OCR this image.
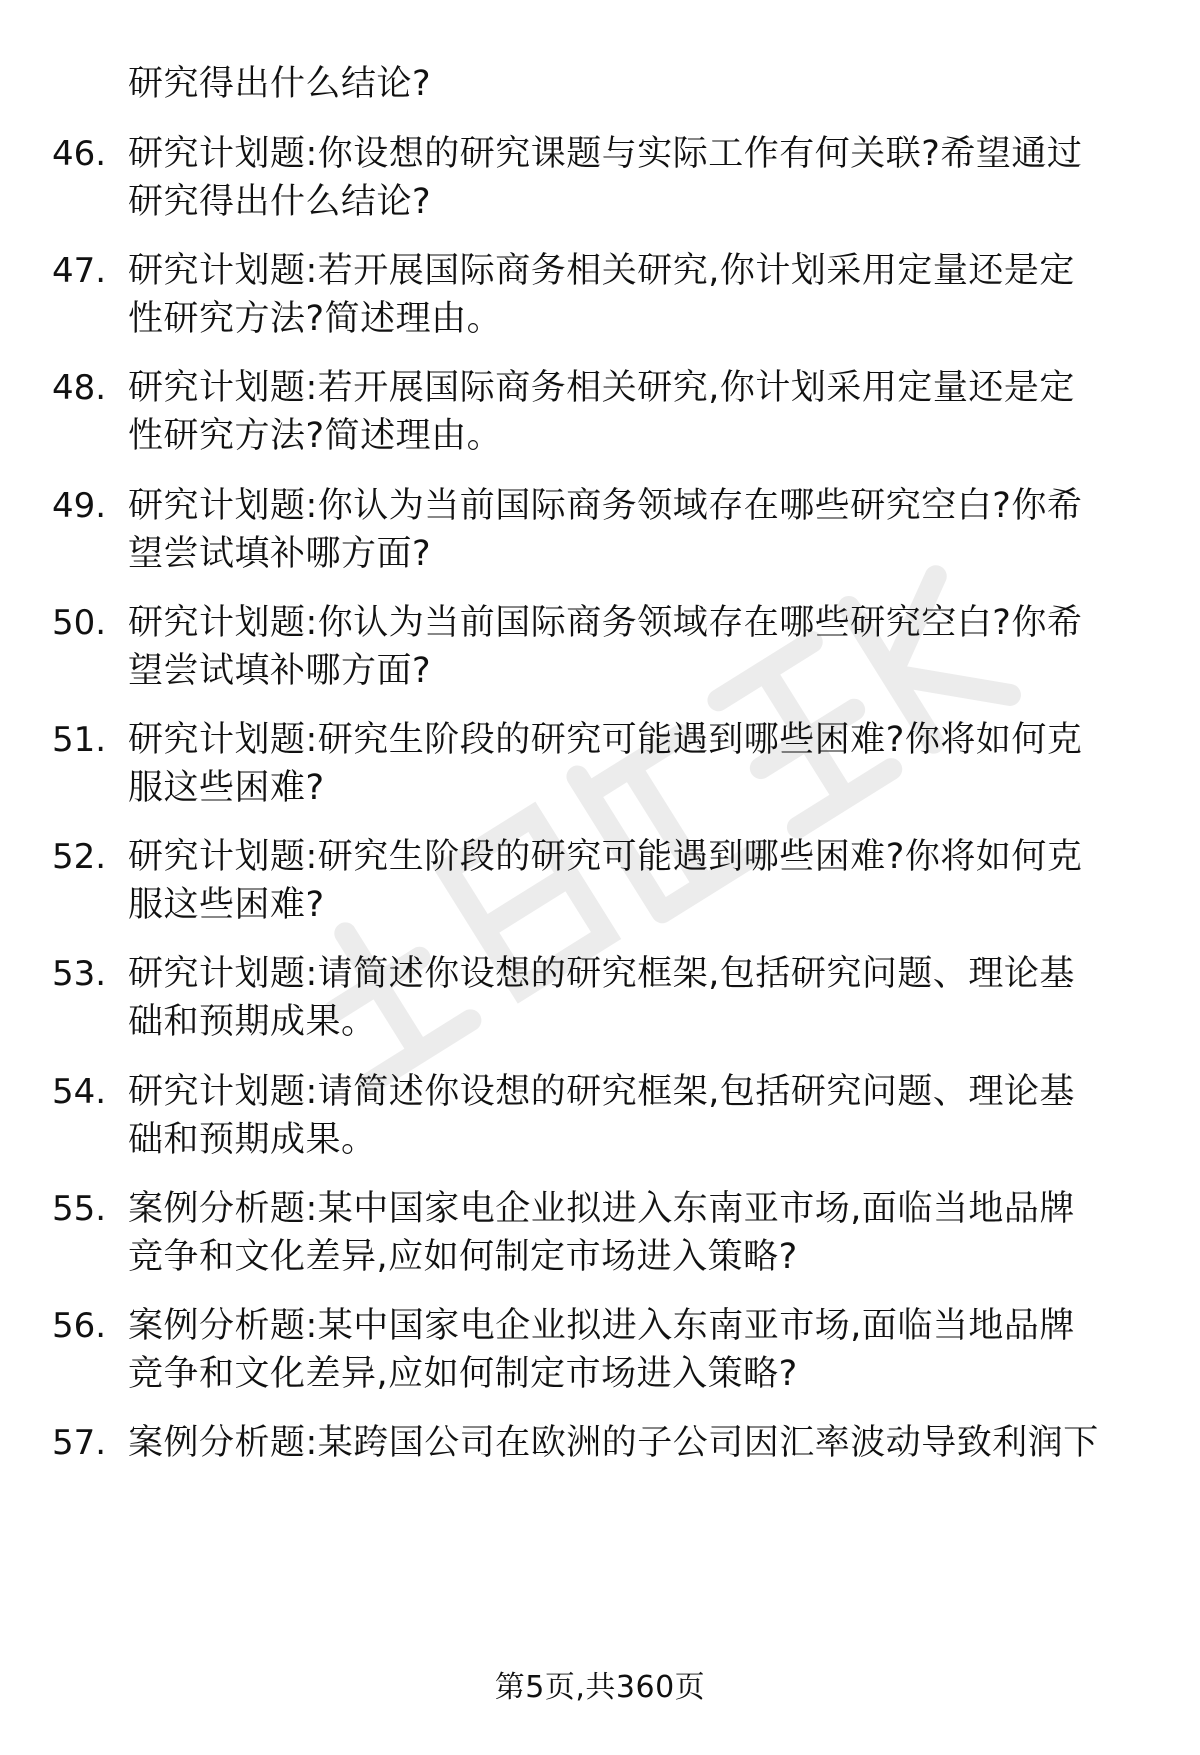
研究得出什么结论?
46. 研究计划题:你设想的研究课题与实际工作有何关联?希望通过
研究得出什么结论?
47. 研究计划题:若开展国际商务相关研究,你计划采用定量还是定
性研究方法?简述理由。
48. 研究计划题:若开展国际商务相关研究,你计划采用定量还是定
性研究方法?简述理由。
49. 研究计划题:你认为当前国际商务领域存在哪些研究空白?你希
望尝试填补哪方面?
50. 研究计划题:你认为当前国际商务领域存在哪些研究空白?你希
望尝试填补哪方面?
51. 研究计划题:研究生阶段的研究可能遇到哪些困难?你将如何克
服这些困难?
52. 研究计划题:研究生阶段的研究可能遇到哪些困难?你将如何克
服这些困难?
53. 研究计划题:请简述你设想的研究框架,包括研究问题、理论基
础和预期成果。
54. 研究计划题:请简述你设想的研究框架,包括研究问题、理论基
础和预期成果。
55. 案例分析题:某中国家电企业拟进入东南亚市场,面临当地品牌
竞争和文化差异,应如何制定市场进入策略?
56. 案例分析题:某中国家电企业拟进入东南亚市场,面临当地品牌
竞争和文化差异,应如何制定市场进入策略?
57. 案例分析题:某跨国公司在欧洲的子公司因汇率波动导致利润下
第5页,共360页
